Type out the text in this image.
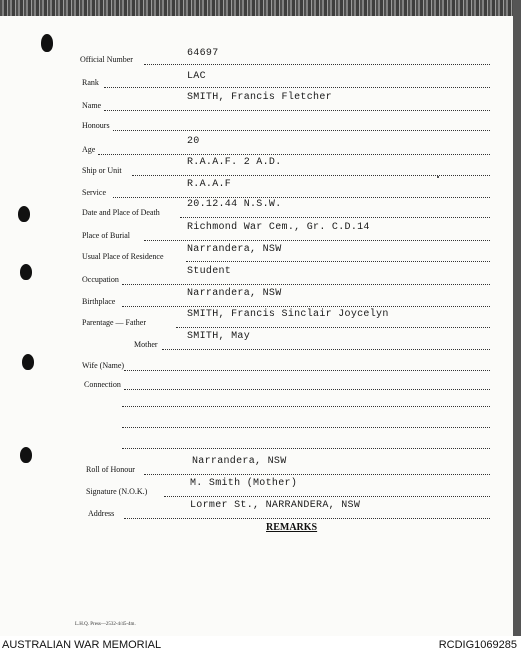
Official Number
64697
Rank
LAC
Name
SMITH, Francis Fletcher
Honours
Age
20
Ship or Unit
R.A.A.F. 2 A.D.
Service
R.A.A.F
Date and Place of Death
20.12.44 N.S.W.
Place of Burial
Richmond War Cem., Gr. C.D.14
Usual Place of Residence
Narrandera, NSW
Occupation
Student
Birthplace
Narrandera, NSW
Parentage — Father
SMITH, Francis Sinclair Joycelyn
Mother
SMITH, May
Wife (Name)
Connection
Roll of Honour
Narrandera, NSW
Signature (N.O.K.)
M. Smith (Mother)
Address
Lormer St., NARRANDERA, NSW
REMARKS
L.H.Q. Press—2532-4/45-4m.
AUSTRALIAN WAR MEMORIAL	RCDIG1069285
